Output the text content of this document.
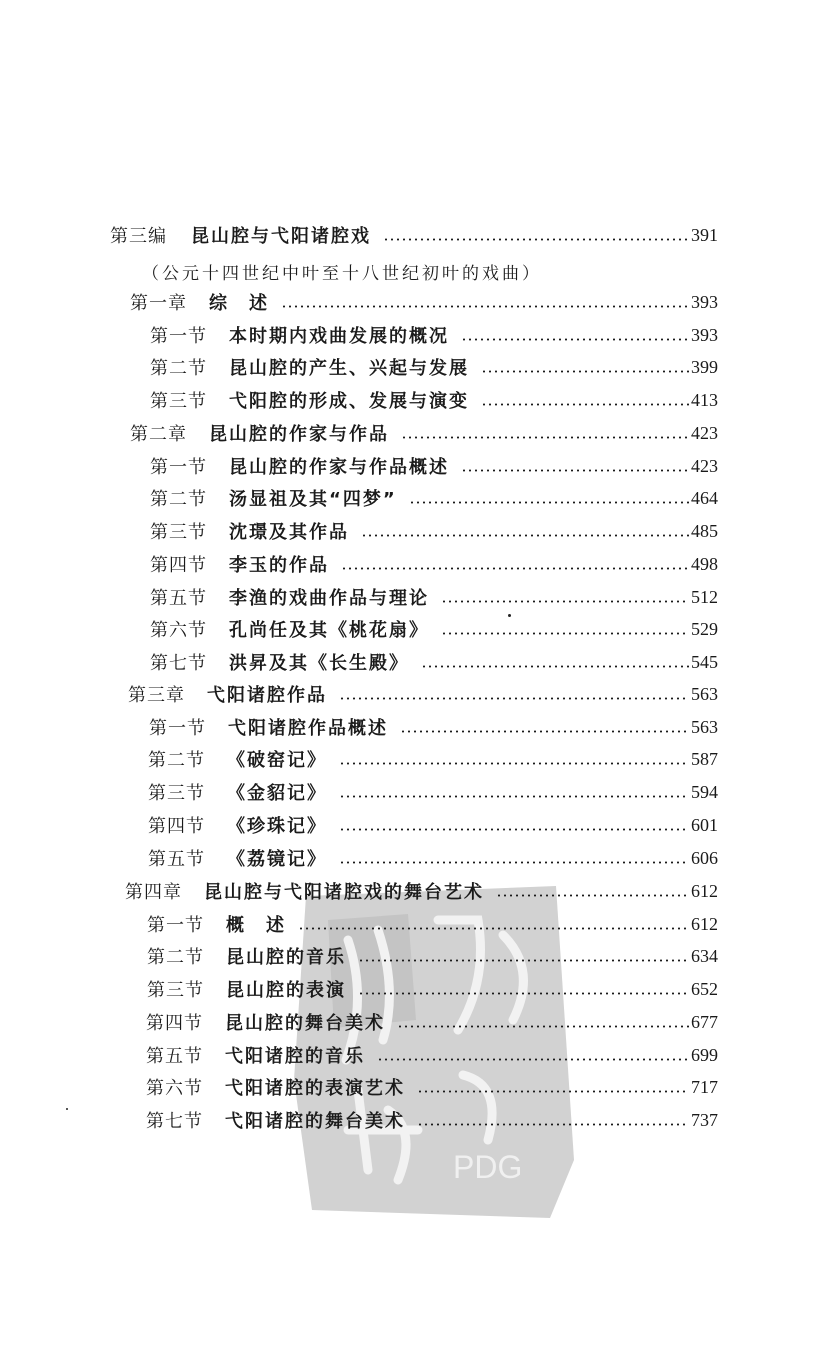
PDG
第三编 昆山腔与弋阳诸腔戏	391
第一章 综　述	393
第一节 本时期内戏曲发展的概况	393
第二节 昆山腔的产生、兴起与发展	399
第三节 弋阳腔的形成、发展与演变	413
第二章 昆山腔的作家与作品	423
第一节 昆山腔的作家与作品概述	423
第二节 汤显祖及其“四梦”	464
第三节 沈璟及其作品	485
第四节 李玉的作品	498
第五节 李渔的戏曲作品与理论	512
第六节 孔尚任及其《桃花扇》	529
第七节 洪昇及其《长生殿》	545
第三章 弋阳诸腔作品	563
第一节 弋阳诸腔作品概述	563
第二节 《破窑记》	587
第三节 《金貂记》	594
第四节 《珍珠记》	601
第五节 《荔镜记》	606
第四章 昆山腔与弋阳诸腔戏的舞台艺术	612
第一节 概　述	612
第二节 昆山腔的音乐	634
第三节 昆山腔的表演	652
第四节 昆山腔的舞台美术	677
第五节 弋阳诸腔的音乐	699
第六节 弋阳诸腔的表演艺术	717
第七节 弋阳诸腔的舞台美术	737
（公元十四世纪中叶至十八世纪初叶的戏曲）
